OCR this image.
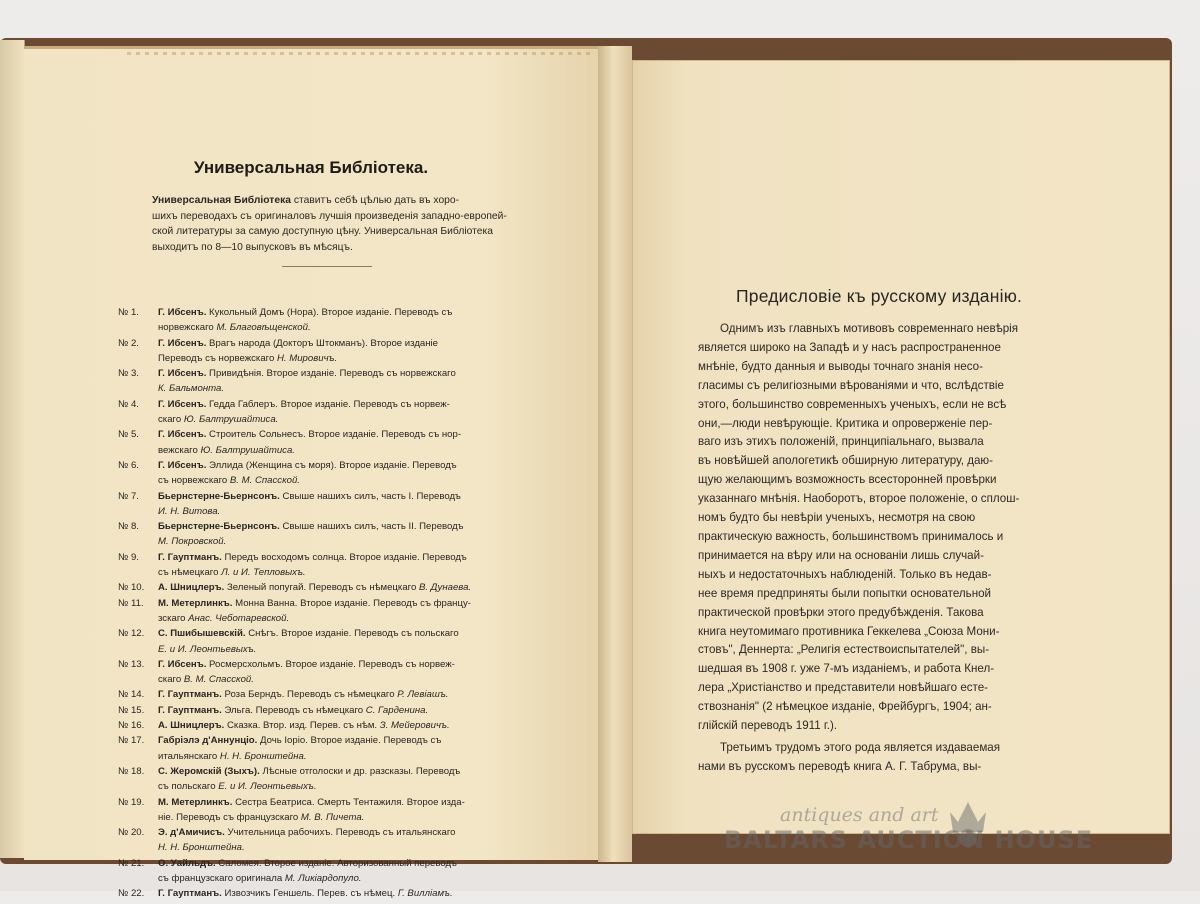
Универсальная Библіотека.
Универсальная Библіотека ставитъ себѣ цѣлью дать въ хоро-
шихъ переводахъ съ оригиналовъ лучшія произведенія западно-европей-
ской литературы за самую доступную цѣну. Универсальная Библіотека
выходитъ по 8—10 выпусковъ въ мѣсяцъ.
№ 1.	Г. Ибсенъ. Кукольный Домъ (Нора). Второе изданіе. Переводъ съ
норвежскаго М. Благовѣщенской.
№ 2.	Г. Ибсенъ. Врагъ народа (Докторъ Штокманъ). Второе изданіе
Переводъ съ норвежскаго Н. Мировичъ.
№ 3.	Г. Ибсенъ. Привидѣнія. Второе изданіе. Переводъ съ норвежскаго
К. Бальмонта.
№ 4.	Г. Ибсенъ. Гедда Габлеръ. Второе изданіе. Переводъ съ норвеж-
скаго Ю. Балтрушайтиса.
№ 5.	Г. Ибсенъ. Строитель Сольнесъ. Второе изданіе. Переводъ съ нор-
вежскаго Ю. Балтрушайтиса.
№ 6.	Г. Ибсенъ. Эллида (Женщина съ моря). Второе изданіе. Переводъ
съ норвежскаго В. М. Спасской.
№ 7.	Бьернстерне-Бьернсонъ. Свыше нашихъ силъ, часть I. Переводъ
И. Н. Витова.
№ 8.	Бьернстерне-Бьернсонъ. Свыше нашихъ силъ, часть II. Переводъ
М. Покровской.
№ 9.	Г. Гауптманъ. Передъ восходомъ солнца. Второе изданіе. Переводъ
съ нѣмецкаго Л. и И. Тепловыхъ.
№ 10.	А. Шницлеръ. Зеленый попугай. Переводъ съ нѣмецкаго В. Дунаева.
№ 11.	М. Метерлинкъ. Монна Ванна. Второе изданіе. Переводъ съ францу-
зскаго Анас. Чеботаревской.
№ 12.	С. Пшибышевскій. Снѣгъ. Второе изданіе. Переводъ съ польскаго
Е. и И. Леонтьевыхъ.
№ 13.	Г. Ибсенъ. Росмерсхольмъ. Второе изданіе. Переводъ съ норвеж-
скаго В. М. Спасской.
№ 14.	Г. Гауптманъ. Роза Берндъ. Переводъ съ нѣмецкаго Р. Левіашъ.
№ 15.	Г. Гауптманъ. Эльга. Переводъ съ нѣмецкаго С. Гарденина.
№ 16.	А. Шницлеръ. Сказка. Втор. изд. Перев. съ нѣм. З. Мейеровичъ.
№ 17.	Габріэлэ д'Аннунціо. Дочь Іоріо. Второе изданіе. Переводъ съ
итальянскаго Н. Н. Бронштейна.
№ 18.	С. Жеромскій (Зыхъ). Лѣсные отголоски и др. разсказы. Переводъ
съ польскаго Е. и И. Леонтьевыхъ.
№ 19.	М. Метерлинкъ. Сестра Беатриса. Смерть Тентажиля. Второе изда-
ніе. Переводъ съ французскаго М. В. Пичета.
№ 20.	Э. д'Амичисъ. Учительница рабочихъ. Переводъ съ итальянскаго
Н. Н. Бронштейна.
№ 21.	О. Уайльдъ. Саломея. Второе изданіе. Авторизованный переводъ
съ французскаго оригинала М. Ликіардопуло.
№ 22.	Г. Гауптманъ. Извозчикъ Геншель. Перев. съ нѣмец. Г. Вилліамъ.
Предисловіе къ русскому изданію.
Однимъ изъ главныхъ мотивовъ современнаго невѣрія
является широко на Западѣ и у насъ распространенное
мнѣніе, будто данныя и выводы точнаго знанія несо-
гласимы съ религіозными вѣрованіями и что, вслѣдствіе
этого, большинство современныхъ ученыхъ, если не всѣ
они,—люди невѣрующіе. Критика и опроверженіе пер-
ваго изъ этихъ положеній, принципіальнаго, вызвала
въ новѣйшей апологетикѣ обширную литературу, даю-
щую желающимъ возможность всесторонней провѣрки
указаннаго мнѣнія. Наоборотъ, второе положеніе, о сплош-
номъ будто бы невѣріи ученыхъ, несмотря на свою
практическую важность, большинствомъ принималось и
принимается на вѣру или на основаніи лишь случай-
ныхъ и недостаточныхъ наблюденій. Только въ недав-
нее время предприняты были попытки основательной
практической провѣрки этого предубѣжденія. Такова
книга неутомимаго противника Геккелева „Союза Мони-
стовъ", Деннерта: „Религія естествоиспытателей", вы-
шедшая въ 1908 г. уже 7-мъ изданіемъ, и работа Кнел-
лера „Христіанство и представители новѣйшаго есте-
ствознанія" (2 нѣмецкое изданіе, Фрейбургъ, 1904; ан-
глійскій переводъ 1911 г.).
Третьимъ трудомъ этого рода является издаваемая
нами въ русскомъ переводѣ книга А. Г. Табрума, вы-
antiques and art
BALTARS AUCTION HOUSE
